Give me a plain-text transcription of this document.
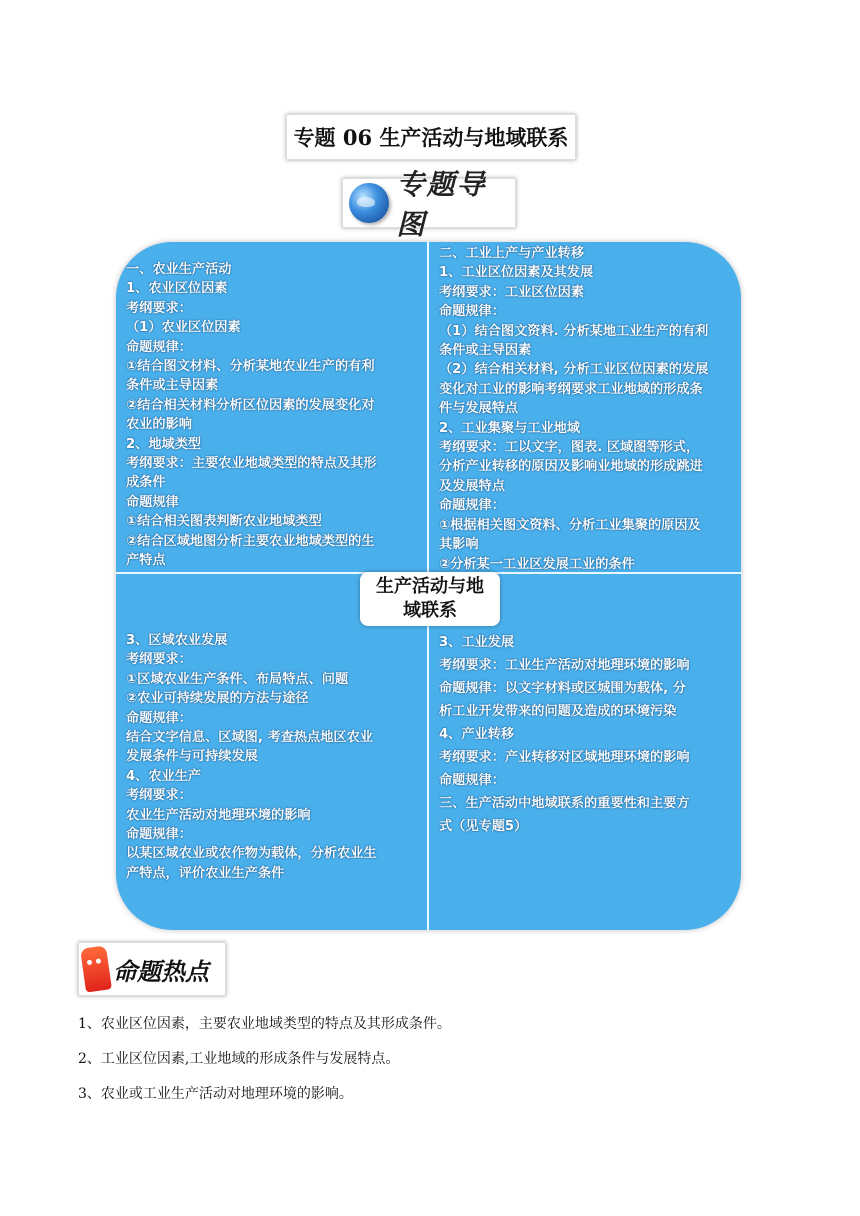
专题 06 生产活动与地域联系
专题导图
一、农业生产活动
1、农业区位因素
考纲要求：
（1）农业区位因素
命题规律：
①结合图文材料、分析某地农业生产的有利
条件或主导因素
②结合相关材料分析区位因素的发展变化对
农业的影响
2、地域类型
考纲要求：主要农业地域类型的特点及其形
成条件
命题规律
①结合相关图表判断农业地域类型
②结合区域地图分析主要农业地域类型的生
产特点
二、工业上产与产业转移
1、工业区位因素及其发展
考纲要求：工业区位因素
命题规律：
（1）结合图文资料. 分析某地工业生产的有利
条件或主导因素
（2）结合相关材料, 分析工业区位因素的发展
变化对工业的影响考纲要求工业地域的形成条
件与发展特点
2、工业集聚与工业地域
考纲要求：工以文字，图表. 区域图等形式，
分析产业转移的原因及影响业地域的形成跳进
及发展特点
命题规律：
①根据相关图文资料、分析工业集聚的原因及
其影响
②分析某一工业区发展工业的条件
3、区域农业发展
考纲要求：
①区域农业生产条件、布局特点、问题
②农业可持续发展的方法与途径
命题规律：
结合文字信息、区域图, 考查热点地区农业
发展条件与可持续发展
4、农业生产
考纲要求：
农业生产活动对地理环境的影响
命题规律：
以某区域农业或农作物为载体，分析农业生
产特点，评价农业生产条件
3、工业发展
考纲要求：工业生产活动对地理环境的影响
命题规律：以文字材料或区城围为载体, 分
析工业开发带来的问题及造成的环境污染
4、产业转移
考纲要求：产业转移对区域地理环境的影响
命题规律：
三、生产活动中地域联系的重要性和主要方
式（见专题5）
生产活动与地
域联系
命题热点
1、农业区位因素，主要农业地域类型的特点及其形成条件。
2、工业区位因素,工业地域的形成条件与发展特点。
3、农业或工业生产活动对地理环境的影响。
